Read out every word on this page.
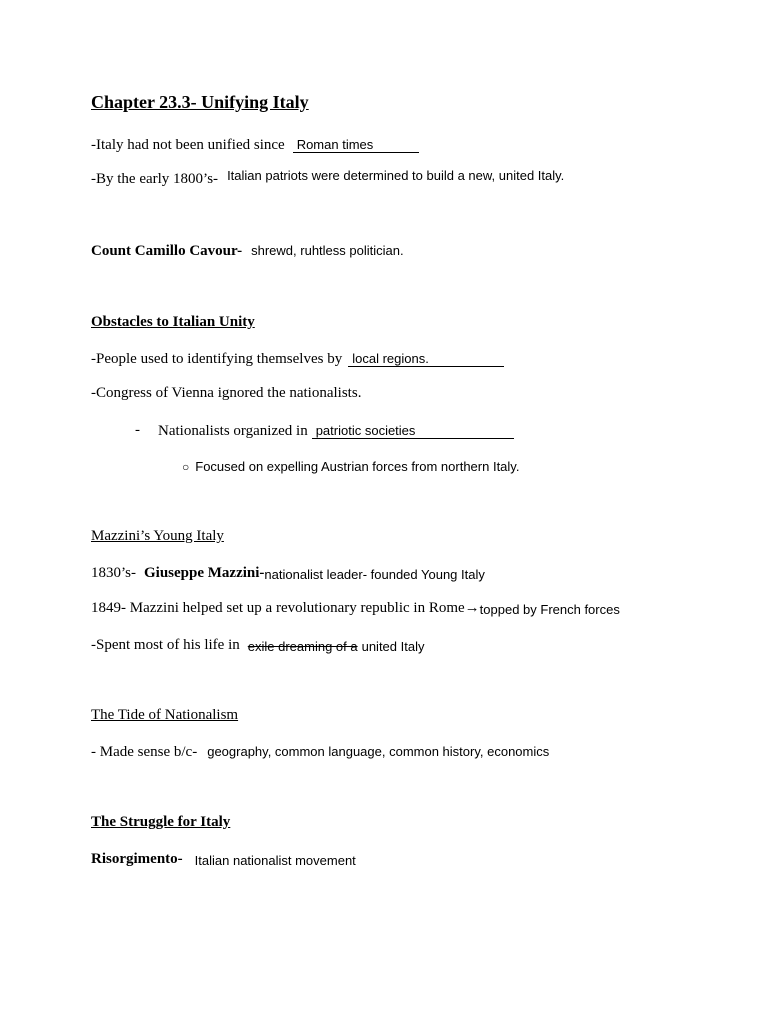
Chapter 23.3- Unifying Italy
-Italy had not been unified since Roman times
-By the early 1800’s- Italian patriots were determined to build a new, united Italy.
Count Camillo Cavour- shrewd, ruhtless politician.
Obstacles to Italian Unity
-People used to identifying themselves by local regions.
-Congress of Vienna ignored the nationalists.
- Nationalists organized in patriotic societies
○ Focused on expelling Austrian forces from northern Italy.
Mazzini’s Young Italy
1830’s- Giuseppe Mazzini-nationalist leader- founded Young Italy
1849- Mazzini helped set up a revolutionary republic in Rome→topped by French forces
-Spent most of his life in exile dreaming of a united Italy
The Tide of Nationalism
- Made sense b/c- geography, common language, common history, economics
The Struggle for Italy
Risorgimento- Italian nationalist movement
